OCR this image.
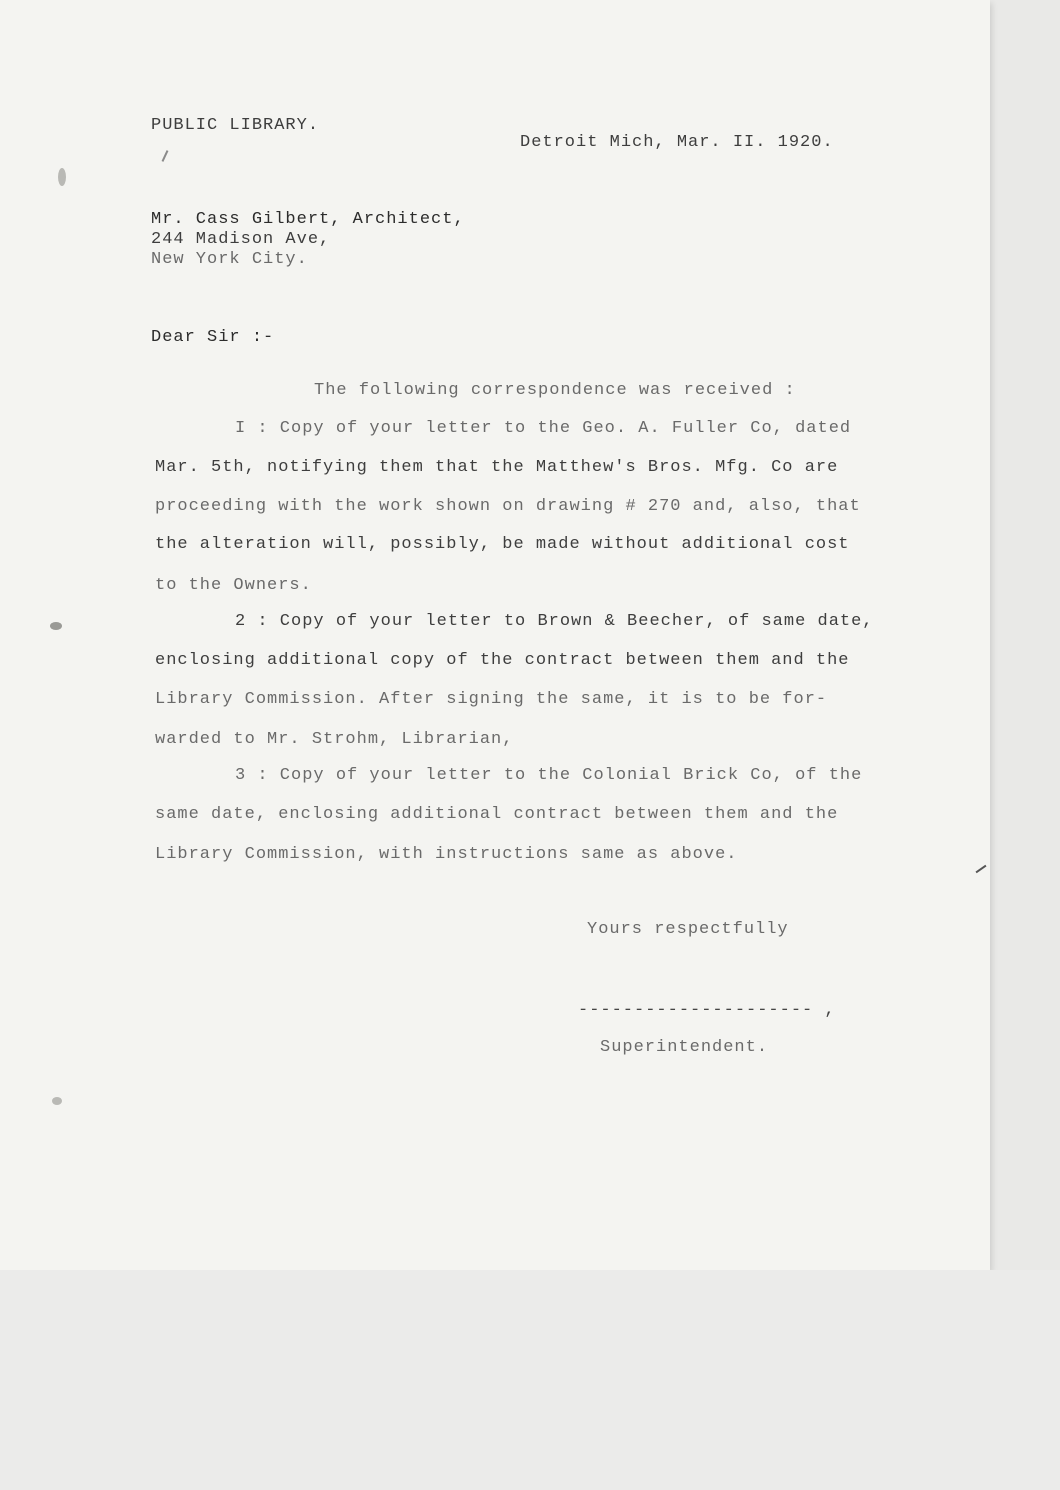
PUBLIC LIBRARY.
Detroit Mich, Mar. II. 1920.
Mr. Cass Gilbert, Architect,
244 Madison Ave,
New York City.
Dear Sir :-
The following correspondence was received :
I : Copy of your letter to the Geo. A. Fuller Co, dated
Mar. 5th, notifying them that the Matthew's Bros. Mfg. Co are
proceeding with the work shown on drawing # 270 and, also, that
the alteration will, possibly, be made without additional cost
to the Owners.
2 : Copy of your letter to Brown & Beecher, of same date,
enclosing additional copy of the contract between them and the
Library Commission. After signing the same, it is to be for-
warded to Mr. Strohm, Librarian,
3 : Copy of your letter to the Colonial Brick Co, of the
same date, enclosing additional contract between them and the
Library Commission, with instructions same as above.
Yours respectfully
--------------------- ,
Superintendent.
